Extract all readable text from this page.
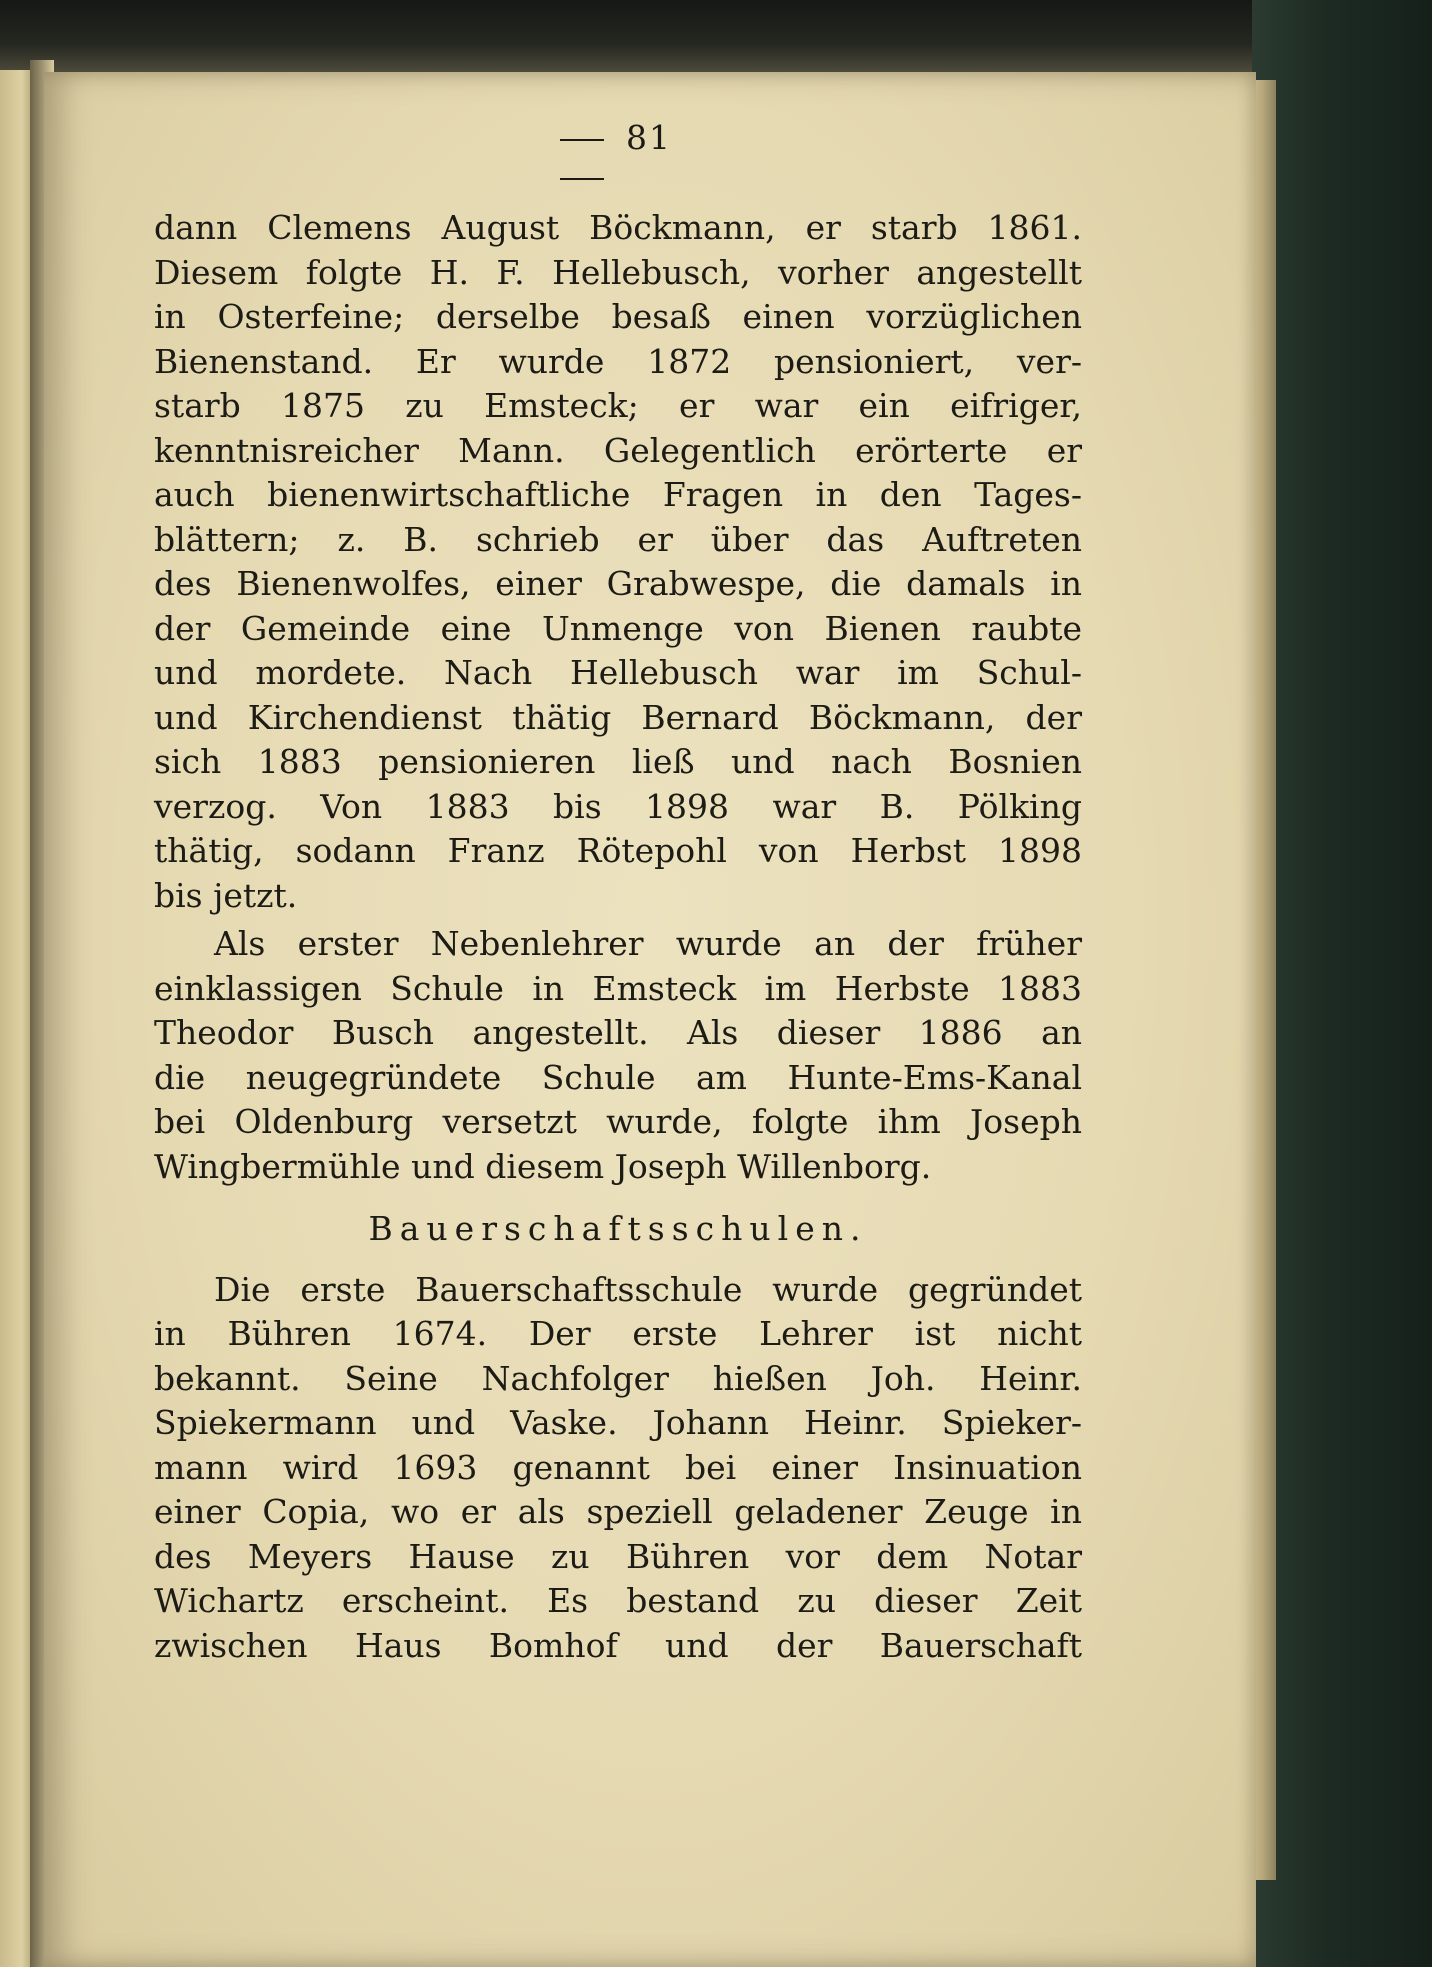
81
dann Clemens August Böckmann, er starb 1861.
Diesem folgte H. F. Hellebusch, vorher angestellt
in Osterfeine; derselbe besaß einen vorzüglichen
Bienenstand. Er wurde 1872 pensioniert, ver-
starb 1875 zu Emsteck; er war ein eifriger,
kenntnisreicher Mann. Gelegentlich erörterte er
auch bienenwirtschaftliche Fragen in den Tages-
blättern; z. B. schrieb er über das Auftreten
des Bienenwolfes, einer Grabwespe, die damals in
der Gemeinde eine Unmenge von Bienen raubte
und mordete. Nach Hellebusch war im Schul-
und Kirchendienst thätig Bernard Böckmann, der
sich 1883 pensionieren ließ und nach Bosnien
verzog. Von 1883 bis 1898 war B. Pölking
thätig, sodann Franz Rötepohl von Herbst 1898
bis jetzt.
Als erster Nebenlehrer wurde an der früher
einklassigen Schule in Emsteck im Herbste 1883
Theodor Busch angestellt. Als dieser 1886 an
die neugegründete Schule am Hunte-Ems-Kanal
bei Oldenburg versetzt wurde, folgte ihm Joseph
Wingbermühle und diesem Joseph Willenborg.
Bauerschaftsschulen.
Die erste Bauerschaftsschule wurde gegründet
in Bühren 1674. Der erste Lehrer ist nicht
bekannt. Seine Nachfolger hießen Joh. Heinr.
Spiekermann und Vaske. Johann Heinr. Spieker-
mann wird 1693 genannt bei einer Insinuation
einer Copia, wo er als speziell geladener Zeuge in
des Meyers Hause zu Bühren vor dem Notar
Wichartz erscheint. Es bestand zu dieser Zeit
zwischen Haus Bomhof und der Bauerschaft
